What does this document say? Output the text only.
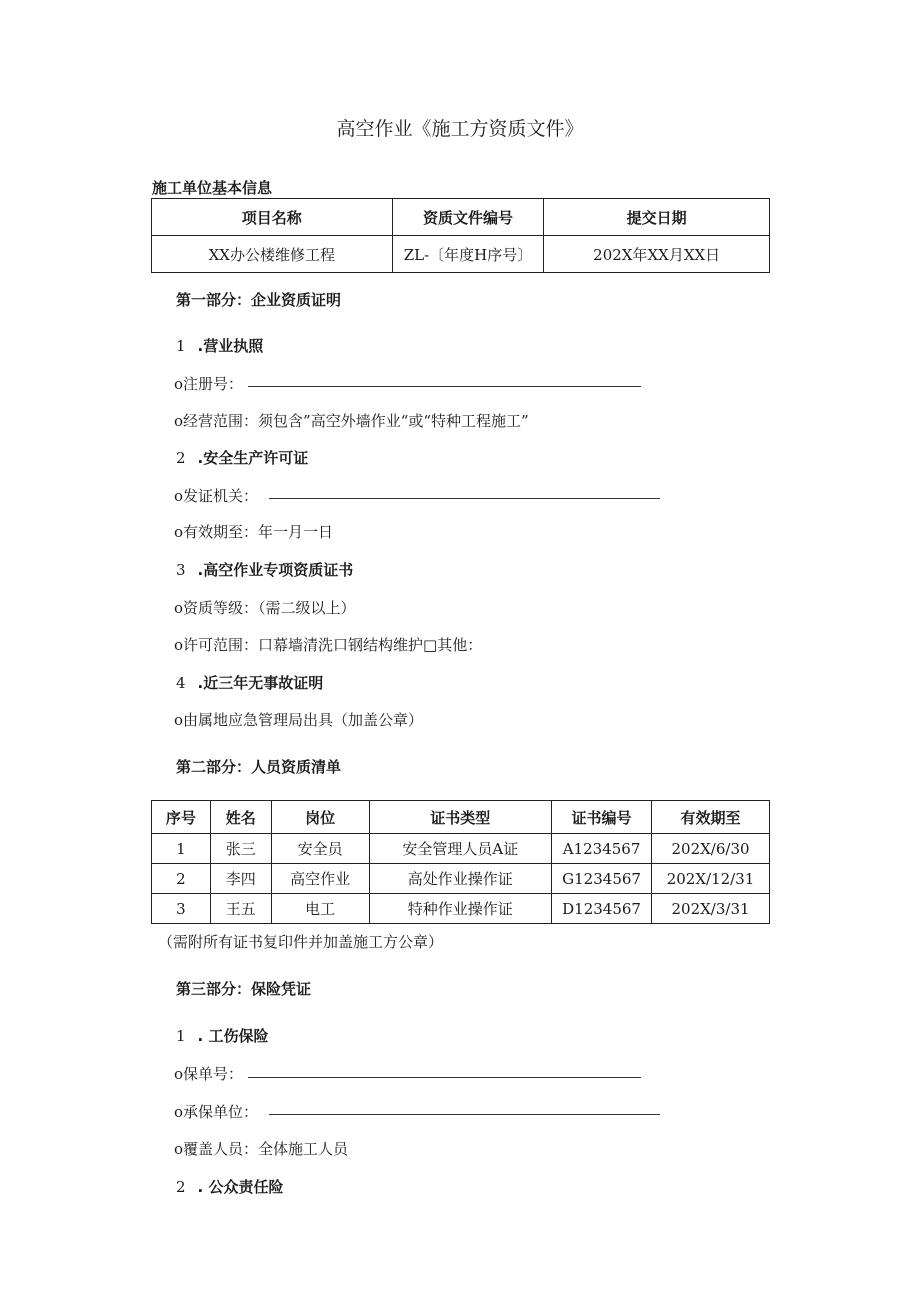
高空作业《施工方资质文件》
施工单位基本信息
项目名称	资质文件编号	提交日期
XX办公楼维修工程	ZL-〔年度H序号〕	202X年XX月XX日
第一部分：企业资质证明
1 .营业执照
o注册号：
o经营范围：须包含”高空外墙作业“或“特种工程施工”
2 .安全生产许可证
o发证机关：
o有效期至：年一月一日
3 .高空作业专项资质证书
o资质等级：（需二级以上）
o许可范围：口幕墙清洗口钢结构维护□其他：
4 .近三年无事故证明
o由属地应急管理局出具（加盖公章）
第二部分：人员资质清单
序号	姓名	岗位	证书类型	证书编号	有效期至
1	张三	安全员	安全管理人员A证	A1234567	202X/6/30
2	李四	高空作业	高处作业操作证	G1234567	202X/12/31
3	王五	电工	特种作业操作证	D1234567	202X/3/31
（需附所有证书复印件并加盖施工方公章）
第三部分：保险凭证
1 . 工伤保险
o保单号：
o承保单位：
o覆盖人员：全体施工人员
2 . 公众责任险
